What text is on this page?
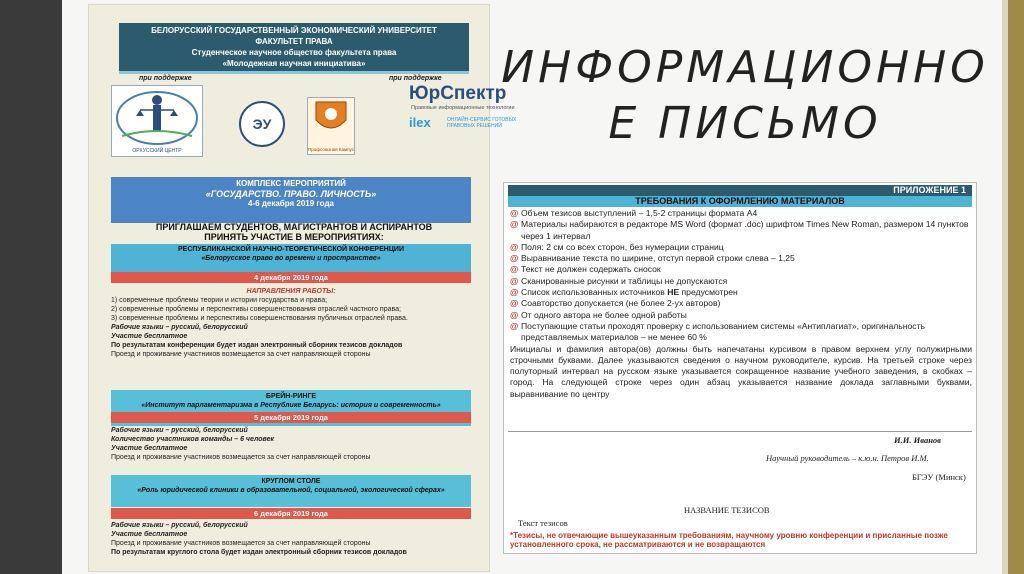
БЕЛОРУССКИЙ ГОСУДАРСТВЕННЫЙ ЭКОНОМИЧЕСКИЙ УНИВЕРСИТЕТ
ФАКУЛЬТЕТ ПРАВА
Студенческое научное общество факультета права
«Молодежная научная инициатива»
при поддержке	при поддержке
ОРХУССКИЙ ЦЕНТР
ЭУ
Профсоюзная Кампус
ЮрСпектр
Правовые информационные технологии
ilex	ОНЛАЙН-СЕРВИС ГОТОВЫХ ПРАВОВЫХ РЕШЕНИЙ
КОМПЛЕКС МЕРОПРИЯТИЙ
«ГОСУДАРСТВО. ПРАВО. ЛИЧНОСТЬ»
4-6 декабря 2019 года
ПРИГЛАШАЕМ СТУДЕНТОВ, МАГИСТРАНТОВ И АСПИРАНТОВ
ПРИНЯТЬ УЧАСТИЕ В МЕРОПРИЯТИЯХ:
РЕСПУБЛИКАНСКОЙ НАУЧНО-ТЕОРЕТИЧЕСКОЙ КОНФЕРЕНЦИИ
«Белорусское право во времени и пространстве»
4 декабря 2019 года
НАПРАВЛЕНИЯ РАБОТЫ:
1) современные проблемы теории и истории государства и права;
2) современные проблемы и перспективы совершенствования отраслей частного права;
3) современные проблемы и перспективы совершенствования публичных отраслей права.
Рабочие языки – русский, белорусский
Участие бесплатное
По результатам конференции будет издан электронный сборник тезисов докладов
Проезд и проживание участников возмещается за счет направляющей стороны
БРЕЙН-РИНГЕ
«Институт парламентаризма в Республике Беларусь: история и современность»
5 декабря 2019 года
Рабочие языки – русский, белорусский
Количество участников команды – 6 человек
Участие бесплатное
Проезд и проживание участников возмещается за счет направляющей стороны
КРУГЛОМ СТОЛЕ
«Роль юридической клиники в образовательной, социальной, экологической сферах»
6 декабря 2019 года
Рабочие языки – русский, белорусский
Участие бесплатное
Проезд и проживание участников возмещается за счет направляющей стороны
По результатам круглого стола будет издан электронный сборник тезисов докладов
ИНФОРМАЦИОННО
Е ПИСЬМО
ПРИЛОЖЕНИЕ 1
ТРЕБОВАНИЯ К ОФОРМЛЕНИЮ МАТЕРИАЛОВ
@ Объем тезисов выступлений – 1,5-2 страницы формата А4
@ Материалы набираются в редакторе MS Word (формат .doc) шрифтом Times New Roman, размером 14 пунктов через 1 интервал
@ Поля: 2 см со всех сторон, без нумерации страниц
@ Выравнивание текста по ширине, отступ первой строки слева – 1,25
@ Текст не должен содержать сносок
@ Сканированные рисунки и таблицы не допускаются
@ Список использованных источников НЕ предусмотрен
@ Соавторство допускается (не более 2-ух авторов)
@ От одного автора не более одной работы
@ Поступающие статьи проходят проверку с использованием системы «Антиплагиат», оригинальность представляемых материалов – не менее 60 %

Инициалы и фамилия автора(ов) должны быть напечатаны курсивом в правом верхнем углу полужирными строчными буквами. Далее указываются сведения о научном руководителе, курсив. На третьей строке через полуторный интервал на русском языке указывается сокращенное название учебного заведения, в скобках – город. На следующей строке через один абзац указывается название доклада заглавными буквами, выравнивание по центру

И.И. Иванов
Научный руководитель – к.ю.н. Петров И.М.
БГЭУ (Минск)
НАЗВАНИЕ ТЕЗИСОВ
Текст тезисов
*Тезисы, не отвечающие вышеуказанным требованиям, научному уровню конференции и присланные позже установленного срока, не рассматриваются и не возвращаются
